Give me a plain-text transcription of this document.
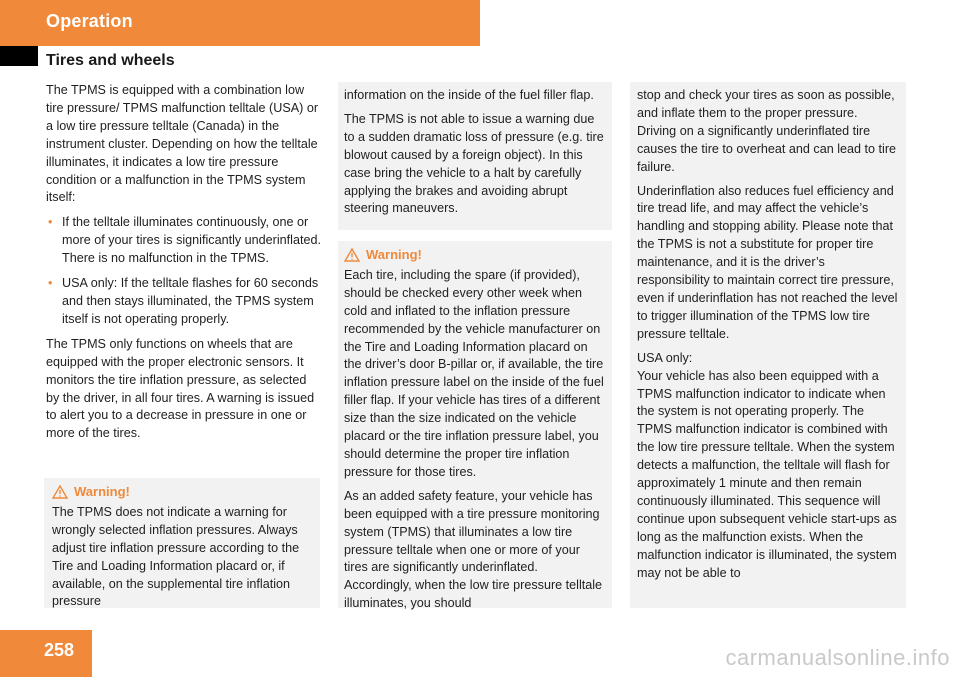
Operation
Tires and wheels

The TPMS is equipped with a combination low tire pressure/ TPMS malfunction telltale (USA) or a low tire pressure telltale (Canada) in the instrument cluster. Depending on how the telltale illuminates, it indicates a low tire pressure condition or a malfunction in the TPMS system itself:

• If the telltale illuminates continuously, one or more of your tires is significantly underinflated. There is no malfunction in the TPMS.
• USA only: If the telltale flashes for 60 seconds and then stays illuminated, the TPMS system itself is not operating properly.

The TPMS only functions on wheels that are equipped with the proper electronic sensors. It monitors the tire inflation pressure, as selected by the driver, in all four tires. A warning is issued to alert you to a decrease in pressure in one or more of the tires.

Warning!

The TPMS does not indicate a warning for wrongly selected inflation pressures. Always adjust tire inflation pressure according to the Tire and Loading Information placard or, if available, on the supplemental tire inflation pressure

information on the inside of the fuel filler flap.

The TPMS is not able to issue a warning due to a sudden dramatic loss of pressure (e.g. tire blowout caused by a foreign object). In this case bring the vehicle to a halt by carefully applying the brakes and avoiding abrupt steering maneuvers.

Warning!

Each tire, including the spare (if provided), should be checked every other week when cold and inflated to the inflation pressure recommended by the vehicle manufacturer on the Tire and Loading Information placard on the driver’s door B-pillar or, if available, the tire inflation pressure label on the inside of the fuel filler flap. If your vehicle has tires of a different size than the size indicated on the vehicle placard or the tire inflation pressure label, you should determine the proper tire inflation pressure for those tires.

As an added safety feature, your vehicle has been equipped with a tire pressure monitoring system (TPMS) that illuminates a low tire pressure telltale when one or more of your tires are significantly underinflated. Accordingly, when the low tire pressure telltale illuminates, you should

stop and check your tires as soon as possible, and inflate them to the proper pressure. Driving on a significantly underinflated tire causes the tire to overheat and can lead to tire failure.

Underinflation also reduces fuel efficiency and tire tread life, and may affect the vehicle’s handling and stopping ability. Please note that the TPMS is not a substitute for proper tire maintenance, and it is the driver’s responsibility to maintain correct tire pressure, even if underinflation has not reached the level to trigger illumination of the TPMS low tire pressure telltale.

USA only:

Your vehicle has also been equipped with a TPMS malfunction indicator to indicate when the system is not operating properly. The TPMS malfunction indicator is combined with the low tire pressure telltale. When the system detects a malfunction, the telltale will flash for approximately 1 minute and then remain continuously illuminated. This sequence will continue upon subsequent vehicle start-ups as long as the malfunction exists. When the malfunction indicator is illuminated, the system may not be able to

258	carmanualsonline.info
